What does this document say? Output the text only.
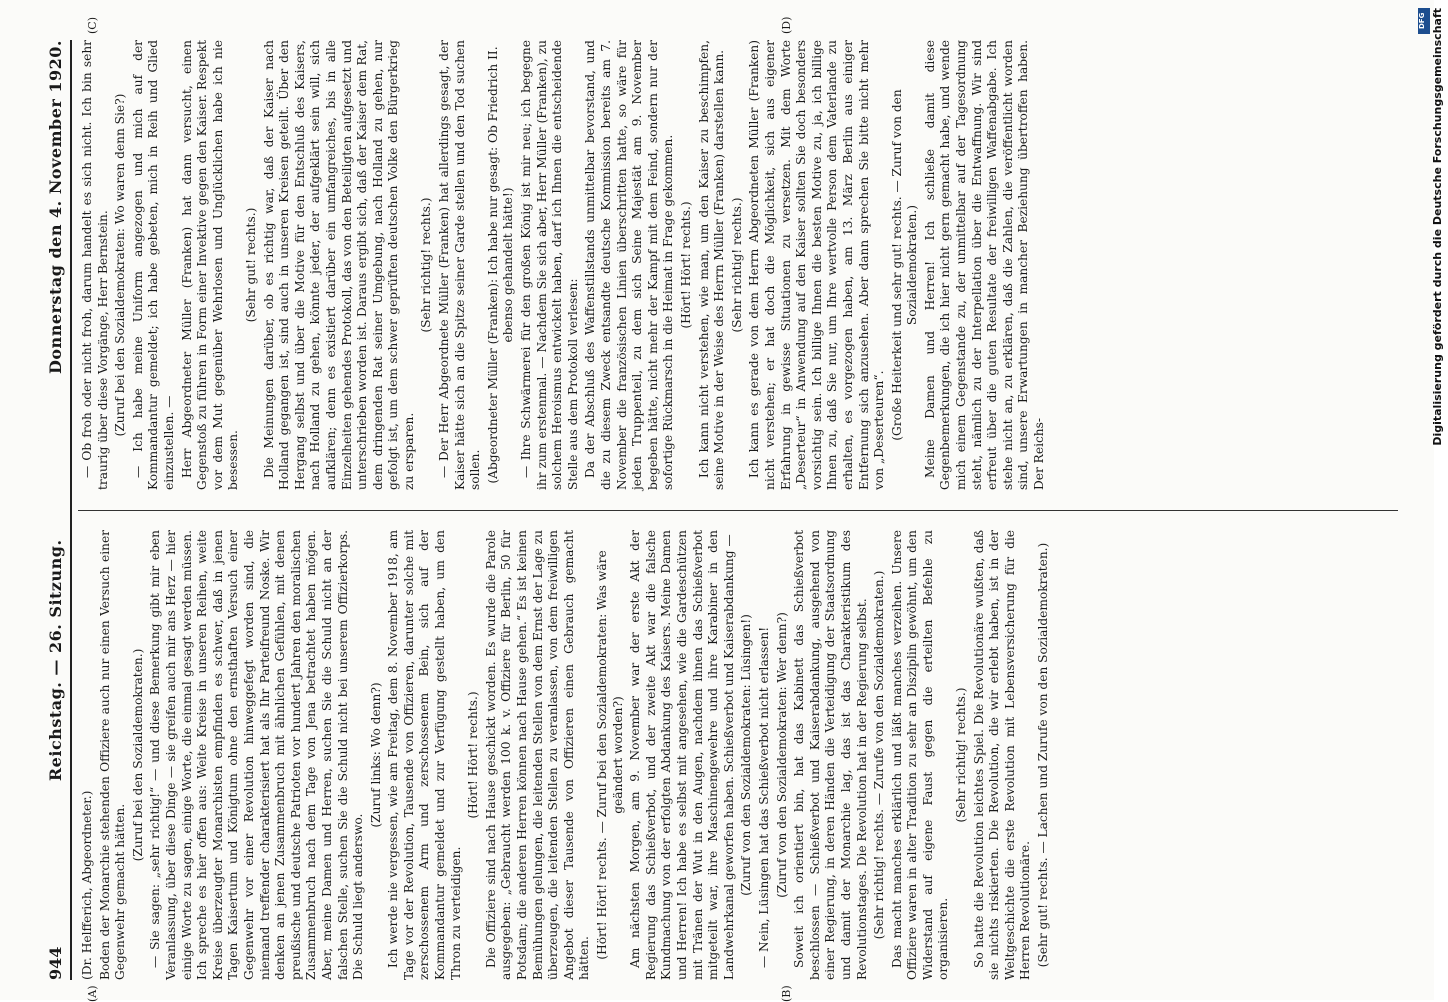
944
Reichstag. — 26. Sitzung.
Donnerstag den 4. November 1920.
(A)	(B)
(C)	(D)

(Dr. Helfferich, Abgeordneter.) Boden der Monarchie stehenden Offiziere auch nur einen Versuch einer Gegenwehr gemacht hätten.

(Zuruf bei den Sozialdemokraten.) — Sie sagen: „sehr richtig!“ — und diese Bemerkung gibt mir eben Veranlassung, über diese Dinge — sie greifen auch mir ans Herz — hier einige Worte zu sagen, einige Worte, die einmal gesagt werden müssen. Ich spreche es hier offen aus: Weite Kreise in unseren Reihen, weite Kreise überzeugter Monarchisten empfinden es schwer, daß in jenen Tagen Kaisertum und Königtum ohne den ernsthaften Versuch einer Gegenwehr vor einer Revolution hinweggefegt worden sind, die niemand treffender charakterisiert hat als Ihr Parteifreund Noske. Wir denken an jenen Zusammenbruch mit ähnlichen Gefühlen, mit denen preußische und deutsche Patrioten vor hundert Jahren den moralischen Zusammenbruch nach dem Tage von Jena betrachtet haben mögen. Aber, meine Damen und Herren, suchen Sie die Schuld nicht an der falschen Stelle, suchen Sie die Schuld nicht bei unserem Offizierkorps. Die Schuld liegt anderswo.

(Zuruf links: Wo denn?) Ich werde nie vergessen, wie am Freitag, dem 8. November 1918, am Tage vor der Revolution, Tausende von Offizieren, darunter solche mit zerschossenem Arm und zerschossenem Bein, sich auf der Kommandantur gemeldet und zur Verfügung gestellt haben, um den Thron zu verteidigen.

(Hört! Hört! rechts.) Die Offiziere sind nach Hause geschickt worden. Es wurde die Parole ausgegeben: „Gebraucht werden 100 k. v. Offiziere für Berlin, 50 für Potsdam; die anderen Herren können nach Hause gehen.“ Es ist keinen Bemühungen gelungen, die leitenden Stellen von dem Ernst der Lage zu überzeugen, die leitenden Stellen zu veranlassen, von dem freiwilligen Angebot dieser Tausende von Offizieren einen Gebrauch gemacht hätten. (Hört! Hört! rechts. — Zuruf bei den Sozialdemokraten: Was wäre geändert worden?) Am nächsten Morgen, am 9. November war der erste Akt der Regierung das Schießverbot, und der zweite Akt war die falsche Kundmachung von der erfolgten Abdankung des Kaisers. Meine Damen und Herren! Ich habe es selbst mit angesehen, wie die Gardeschützen mit Tränen der Wut in den Augen, nachdem ihnen das Schießverbot mitgeteilt war, ihre Maschinengewehre und ihre Karabiner in den Landwehrkanal geworfen haben. Schießverbot und Kaiserabdankung — (Zuruf von den Sozialdemokraten: Lüsingen!) — Nein, Lüsingen hat das Schießverbot nicht erlassen! (Zuruf von den Sozialdemokraten: Wer denn?) Soweit ich orientiert bin, hat das Kabinett das Schießverbot beschlossen — Schießverbot und Kaiserabdankung, ausgehend von einer Regierung, in deren Händen die Verteidigung der Staatsordnung und damit der Monarchie lag, das ist das Charakteristikum des Revolutionstages. Die Revolution hat in der Regierung selbst. (Sehr richtig! rechts. — Zurufe von den Sozialdemokraten.) Das macht manches erklärlich und läßt manches verzeihen. Unsere Offiziere waren in alter Tradition zu sehr an Disziplin gewöhnt, um den Widerstand auf eigene Faust gegen die erteilten Befehle zu organisieren.

(Sehr richtig! rechts.) So hatte die Revolution leichtes Spiel. Die Revolutionäre wußten, daß sie nichts riskierten. Die Revolution, die wir erlebt haben, ist in der Weltgeschichte die erste Revolution mit Lebensversicherung für die Herren Revolutionäre. (Sehr gut! rechts. — Lachen und Zurufe von den Sozialdemokraten.)

— Ob froh oder nicht froh, darum handelt es sich nicht. Ich bin sehr traurig über diese Vorgänge, Herr Bernstein. (Zuruf bei den Sozialdemokraten: Wo waren denn Sie?) — Ich habe meine Uniform angezogen und mich auf der Kommandantur gemeldet; ich habe gebeten, mich in Reih und Glied einzustellen. — Herr Abgeordneter Müller (Franken) hat dann versucht, einen Gegenstoß zu führen in Form einer Invektive gegen den Kaiser. Respekt vor dem Mut gegenüber Wehrlosen und Unglücklichen habe ich nie besessen.

(Sehr gut! rechts.) Die Meinungen darüber, ob es richtig war, daß der Kaiser nach Holland gegangen ist, sind auch in unseren Kreisen geteilt. Über den Hergang selbst und über die Motive für den Entschluß des Kaisers, nach Holland zu gehen, könnte jeder, der aufgeklärt sein will, sich aufklären; denn es existiert darüber ein umfangreiches, bis in alle Einzelheiten gehendes Protokoll, das von den Beteiligten aufgesetzt und unterschrieben worden ist. Daraus ergibt sich, daß der Kaiser dem Rat, dem dringenden Rat seiner Umgebung, nach Holland zu gehen, nur gefolgt ist, um dem schwer geprüften deutschen Volke den Bürgerkrieg zu ersparen.

(Sehr richtig! rechts.) — Der Herr Abgeordnete Müller (Franken) hat allerdings gesagt, der Kaiser hätte sich an die Spitze seiner Garde stellen und den Tod suchen sollen. (Abgeordneter Müller (Franken): Ich habe nur gesagt: Ob Friedrich II. ebenso gehandelt hätte!) — Ihre Schwärmerei für den großen König ist mir neu; ich begegne ihr zum erstenmal. — Nachdem Sie sich aber, Herr Müller (Franken), zu solchem Heroismus entwickelt haben, darf ich Ihnen die entscheidende Stelle aus dem Protokoll verlesen: Da der Abschluß des Waffenstillstands unmittelbar bevorstand, und die zu diesem Zweck entsandte deutsche Kommission bereits am 7. November die französischen Linien überschritten hatte, so wäre für jeden Truppenteil, zu dem sich Seine Majestät am 9. November begeben hätte, nicht mehr der Kampf mit dem Feind, sondern nur der sofortige Rückmarsch in die Heimat in Frage gekommen. (Hört! Hört! rechts.) Ich kann nicht verstehen, wie man, um den Kaiser zu beschimpfen, seine Motive in der Weise des Herrn Müller (Franken) darstellen kann. (Sehr richtig! rechts.) Ich kann es gerade von dem Herrn Abgeordneten Müller (Franken) nicht verstehen; er hat doch die Möglichkeit, sich aus eigener Erfahrung in gewisse Situationen zu versetzen. Mit dem Worte „Deserteur“ in Anwendung auf den Kaiser sollten Sie doch besonders vorsichtig sein. Ich billige Ihnen die besten Motive zu, ja, ich billige Ihnen zu, daß Sie nur, um Ihre wertvolle Person dem Vaterlande zu erhalten, es vorgezogen haben, am 13. März Berlin aus einiger Entfernung sich anzusehen. Aber dann sprechen Sie bitte nicht mehr von „Deserteuren“. (Große Heiterkeit und sehr gut! rechts. — Zuruf von den Sozialdemokraten.) Meine Damen und Herren! Ich schließe damit diese Gegenbemerkungen, die ich hier nicht gern gemacht habe, und wende mich einem Gegenstande zu, der unmittelbar auf der Tagesordnung steht, nämlich zu der Interpellation über die Entwaffnung. Wir sind erfreut über die guten Resultate der freiwilligen Waffenabgabe. Ich stehe nicht an, zu erklären, daß die Zahlen, die veröffentlicht worden sind, unsere Erwartungen in mancher Beziehung übertroffen haben. Der Reichs-

Digitalisierung gefördert durch die Deutsche Forschungsgemeinschaft
DFG
